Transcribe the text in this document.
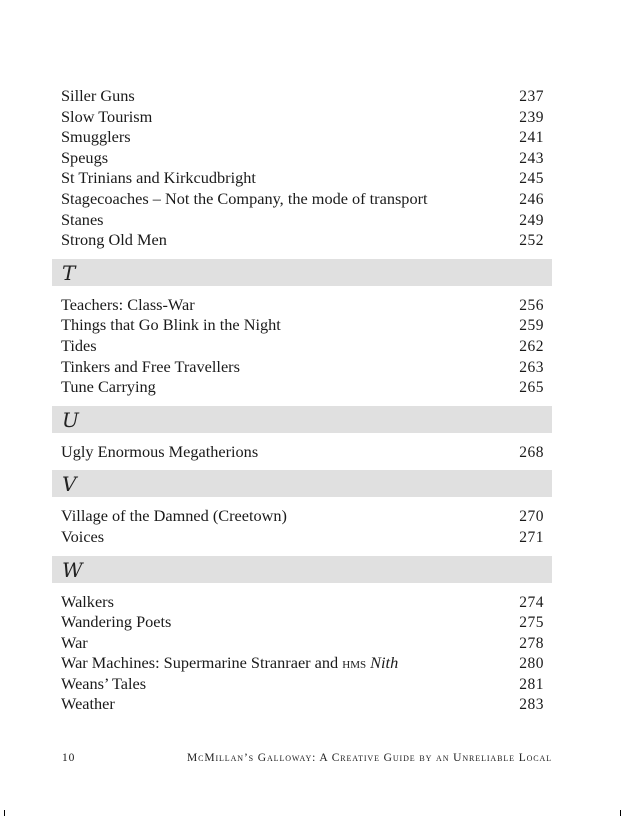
Siller Guns	237
Slow Tourism	239
Smugglers	241
Speugs	243
St Trinians and Kirkcudbright	245
Stagecoaches – Not the Company, the mode of transport	246
Stanes	249
Strong Old Men	252
T
Teachers: Class-War	256
Things that Go Blink in the Night	259
Tides	262
Tinkers and Free Travellers	263
Tune Carrying	265
U
Ugly Enormous Megatherions	268
V
Village of the Damned (Creetown)	270
Voices	271
W
Walkers	274
Wandering Poets	275
War	278
War Machines: Supermarine Stranraer and hms Nith	280
Weans’ Tales	281
Weather	283
10	McMillan’s Galloway: A Creative Guide by an Unreliable Local
